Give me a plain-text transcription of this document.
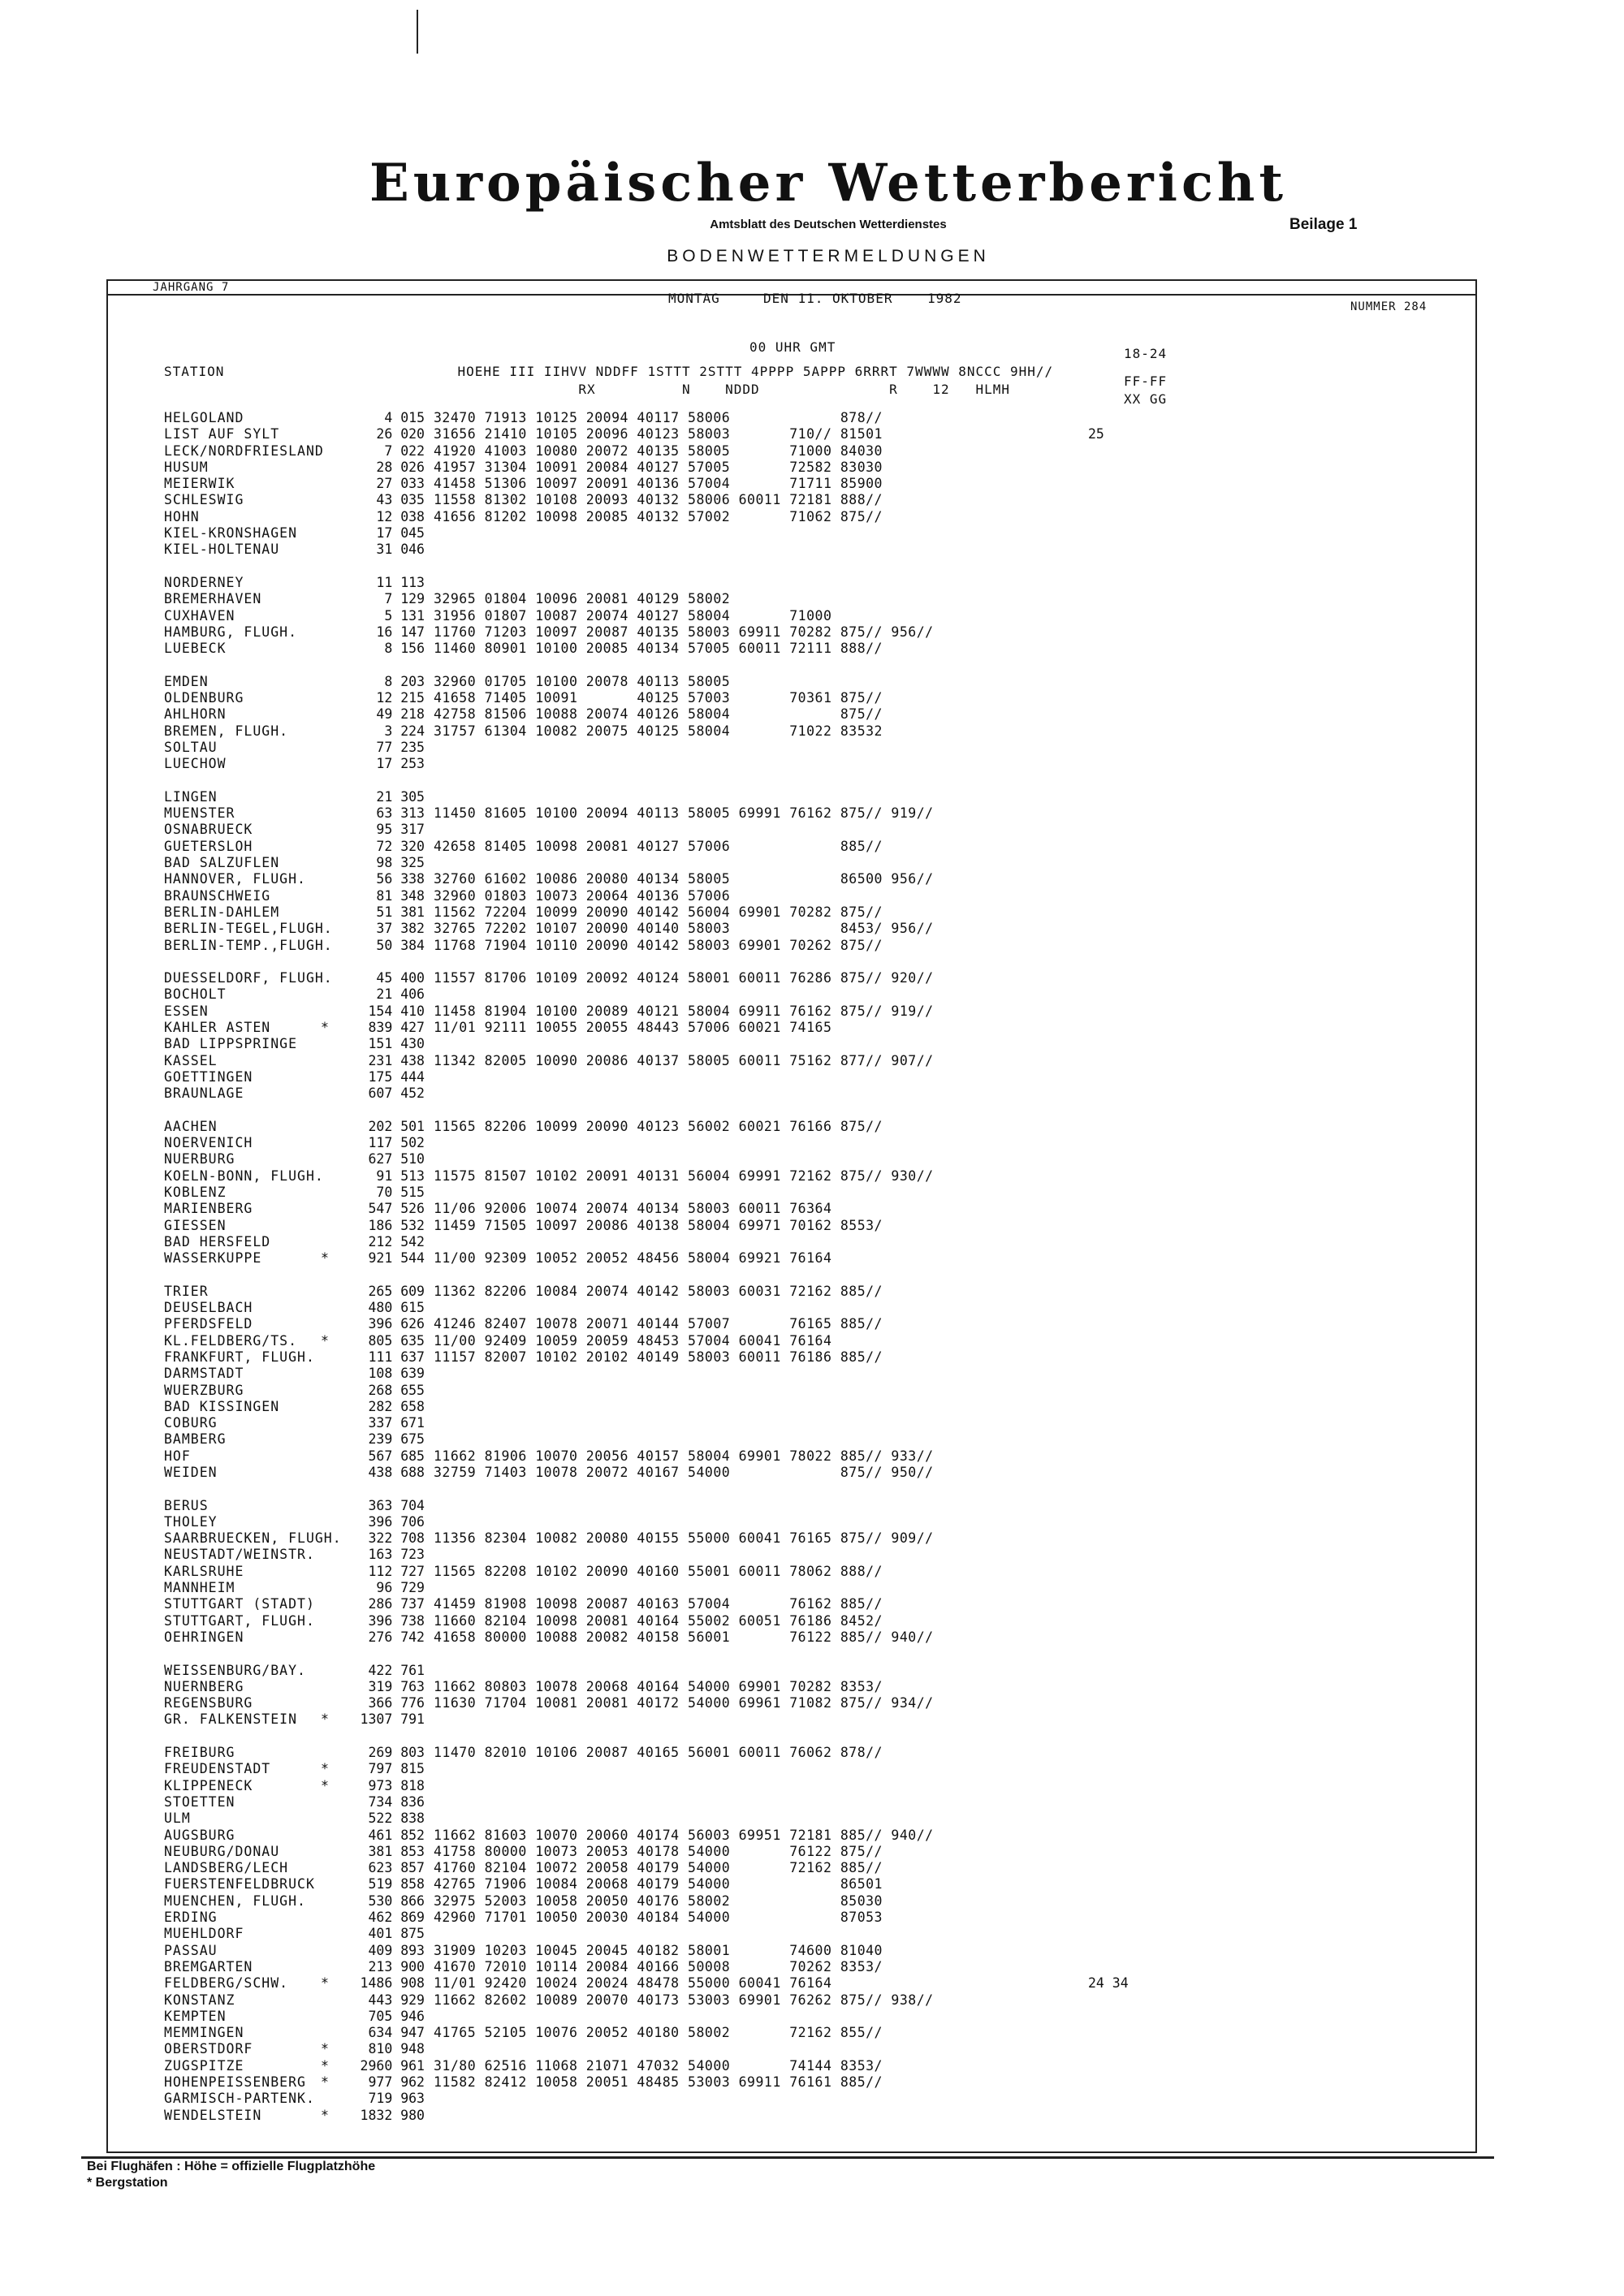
Europäischer Wetterbericht
Amtsblatt des Deutschen Wetterdienstes	Beilage 1
BODENWETTERMELDUNGEN
JAHRGANG 7
MONTAG     DEN 11. OKTOBER    1982
NUMMER 284
00 UHR GMT	18-24
STATION                           HOEHE III IIHVV NDDFF 1STTT 2STTT 4PPPP 5APPP 6RRRT 7WWWW 8NCCC 9HH//
RX          N    NDDD               R    12   HLMH
FF-FF
XX GG
HELGOLAND	4 015 32470 71913 10125 20094 40117 58006             878//
LIST AUF SYLT	26 020 31656 21410 10105 20096 40123 58003       710// 81501	25
LECK/NORDFRIESLAND	7 022 41920 41003 10080 20072 40135 58005       71000 84030
HUSUM	28 026 41957 31304 10091 20084 40127 57005       72582 83030
MEIERWIK	27 033 41458 51306 10097 20091 40136 57004       71711 85900
SCHLESWIG	43 035 11558 81302 10108 20093 40132 58006 60011 72181 888//
HOHN	12 038 41656 81202 10098 20085 40132 57002       71062 875//
KIEL-KRONSHAGEN	17 045
KIEL-HOLTENAU	31 046
NORDERNEY	11 113
BREMERHAVEN	7 129 32965 01804 10096 20081 40129 58002
CUXHAVEN	5 131 31956 01807 10087 20074 40127 58004       71000
HAMBURG, FLUGH.	16 147 11760 71203 10097 20087 40135 58003 69911 70282 875// 956//
LUEBECK	8 156 11460 80901 10100 20085 40134 57005 60011 72111 888//
EMDEN	8 203 32960 01705 10100 20078 40113 58005
OLDENBURG	12 215 41658 71405 10091       40125 57003       70361 875//
AHLHORN	49 218 42758 81506 10088 20074 40126 58004             875//
BREMEN, FLUGH.	3 224 31757 61304 10082 20075 40125 58004       71022 83532
SOLTAU	77 235
LUECHOW	17 253
LINGEN	21 305
MUENSTER	63 313 11450 81605 10100 20094 40113 58005 69991 76162 875// 919//
OSNABRUECK	95 317
GUETERSLOH	72 320 42658 81405 10098 20081 40127 57006             885//
BAD SALZUFLEN	98 325
HANNOVER, FLUGH.	56 338 32760 61602 10086 20080 40134 58005             86500 956//
BRAUNSCHWEIG	81 348 32960 01803 10073 20064 40136 57006
BERLIN-DAHLEM	51 381 11562 72204 10099 20090 40142 56004 69901 70282 875//
BERLIN-TEGEL,FLUGH.	37 382 32765 72202 10107 20090 40140 58003             8453/ 956//
BERLIN-TEMP.,FLUGH.	50 384 11768 71904 10110 20090 40142 58003 69901 70262 875//
DUESSELDORF, FLUGH.	45 400 11557 81706 10109 20092 40124 58001 60011 76286 875// 920//
BOCHOLT	21 406
ESSEN	154 410 11458 81904 10100 20089 40121 58004 69911 76162 875// 919//
KAHLER ASTEN	*	839 427 11/01 92111 10055 20055 48443 57006 60021 74165
BAD LIPPSPRINGE	151 430
KASSEL	231 438 11342 82005 10090 20086 40137 58005 60011 75162 877// 907//
GOETTINGEN	175 444
BRAUNLAGE	607 452
AACHEN	202 501 11565 82206 10099 20090 40123 56002 60021 76166 875//
NOERVENICH	117 502
NUERBURG	627 510
KOELN-BONN, FLUGH.	91 513 11575 81507 10102 20091 40131 56004 69991 72162 875// 930//
KOBLENZ	70 515
MARIENBERG	547 526 11/06 92006 10074 20074 40134 58003 60011 76364
GIESSEN	186 532 11459 71505 10097 20086 40138 58004 69971 70162 8553/
BAD HERSFELD	212 542
WASSERKUPPE	*	921 544 11/00 92309 10052 20052 48456 58004 69921 76164
TRIER	265 609 11362 82206 10084 20074 40142 58003 60031 72162 885//
DEUSELBACH	480 615
PFERDSFELD	396 626 41246 82407 10078 20071 40144 57007       76165 885//
KL.FELDBERG/TS. *	805 635 11/00 92409 10059 20059 48453 57004 60041 76164
FRANKFURT, FLUGH.	111 637 11157 82007 10102 20102 40149 58003 60011 76186 885//
DARMSTADT	108 639
WUERZBURG	268 655
BAD KISSINGEN	282 658
COBURG	337 671
BAMBERG	239 675
HOF	567 685 11662 81906 10070 20056 40157 58004 69901 78022 885// 933//
WEIDEN	438 688 32759 71403 10078 20072 40167 54000             875// 950//
BERUS	363 704
THOLEY	396 706
SAARBRUECKEN, FLUGH.	322 708 11356 82304 10082 20080 40155 55000 60041 76165 875// 909//
NEUSTADT/WEINSTR.	163 723
KARLSRUHE	112 727 11565 82208 10102 20090 40160 55001 60011 78062 888//
MANNHEIM	96 729
STUTTGART (STADT)	286 737 41459 81908 10098 20087 40163 57004       76162 885//
STUTTGART, FLUGH.	396 738 11660 82104 10098 20081 40164 55002 60051 76186 8452/
OEHRINGEN	276 742 41658 80000 10088 20082 40158 56001       76122 885// 940//
WEISSENBURG/BAY.	422 761
NUERNBERG	319 763 11662 80803 10078 20068 40164 54000 69901 70282 8353/
REGENSBURG	366 776 11630 71704 10081 20081 40172 54000 69961 71082 875// 934//
GR. FALKENSTEIN *	1307 791
FREIBURG	269 803 11470 82010 10106 20087 40165 56001 60011 76062 878//
FREUDENSTADT	*	797 815
KLIPPENECK	*	973 818
STOETTEN	734 836
ULM	522 838
AUGSBURG	461 852 11662 81603 10070 20060 40174 56003 69951 72181 885// 940//
NEUBURG/DONAU	381 853 41758 80000 10073 20053 40178 54000       76122 875//
LANDSBERG/LECH	623 857 41760 82104 10072 20058 40179 54000       72162 885//
FUERSTENFELDBRUCK	519 858 42765 71906 10084 20068 40179 54000             86501
MUENCHEN, FLUGH.	530 866 32975 52003 10058 20050 40176 58002             85030
ERDING	462 869 42960 71701 10050 20030 40184 54000             87053
MUEHLDORF	401 875
PASSAU	409 893 31909 10203 10045 20045 40182 58001       74600 81040
BREMGARTEN	213 900 41670 72010 10114 20084 40166 50008       70262 8353/
FELDBERG/SCHW. *	1486 908 11/01 92420 10024 20024 48478 55000 60041 76164	24 34
KONSTANZ	443 929 11662 82602 10089 20070 40173 53003 69901 76262 875// 938//
KEMPTEN	705 946
MEMMINGEN	634 947 41765 52105 10076 20052 40180 58002       72162 855//
OBERSTDORF	*	810 948
ZUGSPITZE	*	2960 961 31/80 62516 11068 21071 47032 54000       74144 8353/
HOHENPEISSENBERG *	977 962 11582 82412 10058 20051 48485 53003 69911 76161 885//
GARMISCH-PARTENK.	719 963
WENDELSTEIN	*	1832 980
Bei Flughäfen : Höhe = offizielle Flugplatzhöhe
* Bergstation
